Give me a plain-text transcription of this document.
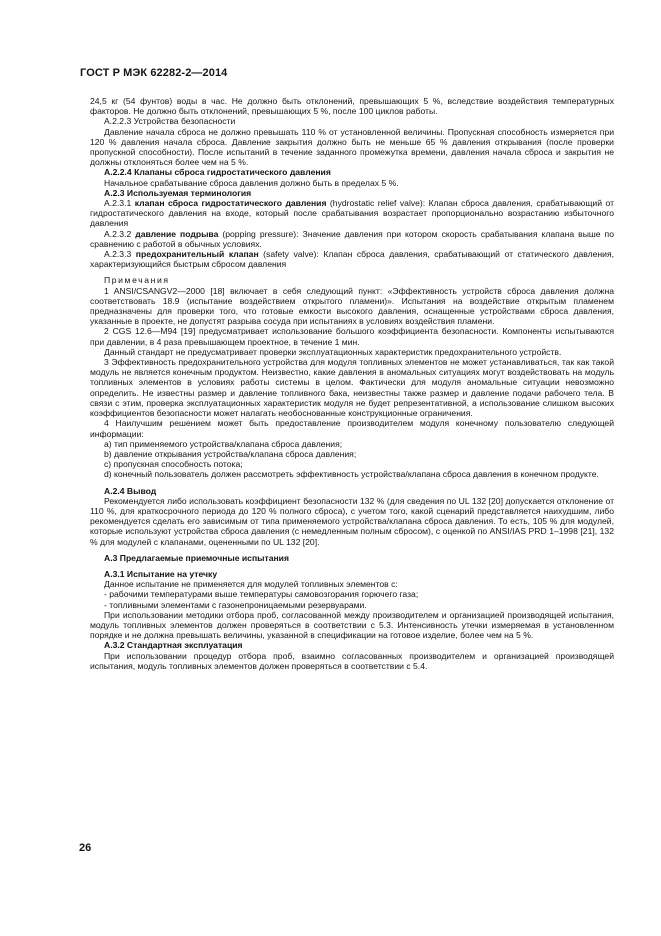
ГОСТ Р МЭК 62282-2—2014

24,5 кг (54 фунтов) воды в час. Не должно быть отклонений, превышающих 5 %, вследствие воздействия температурных факторов. Не должно быть отклонений, превышающих 5 %, после 100 циклов работы.

А.2.2.3 Устройства безопасности

Давление начала сброса не должно превышать 110 % от установленной величины. Пропускная способность измеряется при 120 % давления начала сброса. Давление закрытия должно быть не меньше 65 % давления открывания (после проверки пропускной способности). После испытаний в течение заданного промежутка времени, давления начала сброса и закрытия не должны отклоняться более чем на 5 %.

А.2.2.4 Клапаны сброса гидростатического давления

Начальное срабатывание сброса давления должно быть в пределах 5 %.

А.2.3 Используемая терминология

А.2.3.1 клапан сброса гидростатического давления (hydrostatic relief valve): Клапан сброса давления, срабатывающий от гидростатического давления на входе, который после срабатывания возрастает пропорционально возрастанию избыточного давления

А.2.3.2 давление подрыва (popping pressure): Значение давления при котором скорость срабатывания клапана выше по сравнению с работой в обычных условиях.

А.2.3.3 предохранительный клапан (safety valve): Клапан сброса давления, срабатывающий от статического давления, характеризующийся быстрым сбросом давления

Примечания

1 ANSI/CSANGV2—2000 [18] включает в себя следующий пункт: «Эффективность устройств сброса давления должна соответствовать 18.9 (испытание воздействием открытого пламени)». Испытания на воздействие открытым пламенем предназначены для проверки того, что готовые емкости высокого давления, оснащенные устройствами сброса давления, указанные в проекте, не допустят разрыва сосуда при испытаниях в условиях воздействия пламени.

2 CGS 12.6—M94 [19] предусматривает использование большого коэффициента безопасности. Компоненты испытываются при давлении, в 4 раза превышающем проектное, в течение 1 мин.

Данный стандарт не предусматривает проверки эксплуатационных характеристик предохранительного устройств.

3 Эффективность предохранительного устройства для модуля топливных элементов не может устанавливаться, так как такой модуль не является конечным продуктом. Неизвестно, какие давления в аномальных ситуациях могут воздействовать на модуль топливных элементов в условиях работы системы в целом. Фактически для модуля аномальные ситуации невозможно определить. Не известны размер и давление топливного бака, неизвестны также размер и давление подачи рабочего тела. В связи с этим, проверка эксплуатационных характеристик модуля не будет репрезентативной, а использование слишком высоких коэффициентов безопасности может налагать необоснованные конструкционные ограничения.

4 Наилучшим решением может быть предоставление производителем модуля конечному пользователю следующей информации:

a) тип применяемого устройства/клапана сброса давления;

b) давление открывания устройства/клапана сброса давления;

c) пропускная способность потока;

d) конечный пользователь должен рассмотреть эффективность устройства/клапана сброса давления в конечном продукте.

А.2.4 Вывод

Рекомендуется либо использовать коэффициент безопасности 132 % (для сведения по UL 132 [20] допускается отклонение от 110 %, для краткосрочного периода до 120 % полного сброса), с учетом того, какой сценарий представляется наихудшим, либо рекомендуется сделать его зависимым от типа применяемого устройства/клапана сброса давления. То есть, 105 % для модулей, которые используют устройства сброса давления (с немедленным полным сбросом), с оценкой по ANSI/IAS PRD 1–1998 [21], 132 % для модулей с клапанами, оцененными по UL 132 [20].

А.3 Предлагаемые приемочные испытания

А.3.1 Испытание на утечку

Данное испытание не применяется для модулей топливных элементов с:

- рабочими температурами выше температуры самовозгорания горючего газа;

- топливными элементами с газонепроницаемыми резервуарами.

При использовании методики отбора проб, согласованной между производителем и организацией производящей испытания, модуль топливных элементов должен проверяться в соответствии с 5.3. Интенсивность утечки измеряемая в установленном порядке и не должна превышать величины, указанной в спецификации на готовое изделие, более чем на 5 %.

А.3.2 Стандартная эксплуатация

При использовании процедур отбора проб, взаимно согласованных производителем и организацией производящей испытания, модуль топливных элементов должен проверяться в соответствии с 5.4.

26
